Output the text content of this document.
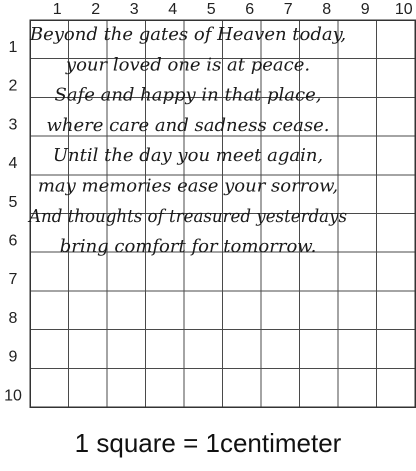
1 2 3 4 5 6 7 8 9 10
1
2
3
4
5
6
7
8
9
10
Beyond the gates of Heaven today,
your loved one is at peace.
Safe and happy in that place,
where care and sadness cease.
Until the day you meet again,
may memories ease your sorrow,
And thoughts of treasured yesterdays
bring comfort for tomorrow.
1 square = 1centimeter
